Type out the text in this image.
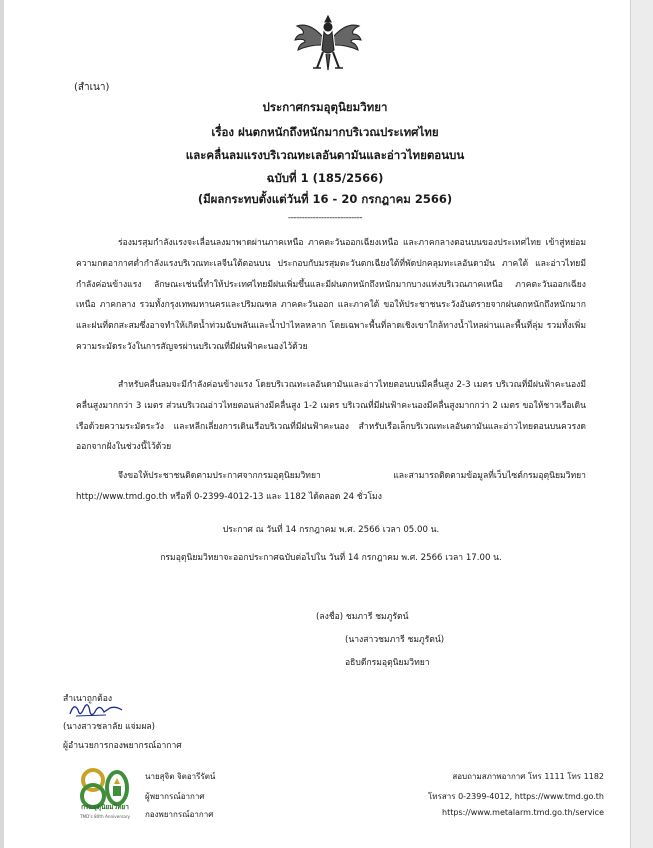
(สำเนา)
ประกาศกรมอุตุนิยมวิทยา
เรื่อง ฝนตกหนักถึงหนักมากบริเวณประเทศไทย
และคลื่นลมแรงบริเวณทะเลอันดามันและอ่าวไทยตอนบน
ฉบับที่ 1 (185/2566)
(มีผลกระทบตั้งแต่วันที่ 16 - 20 กรกฎาคม 2566)
---------------------------
ร่องมรสุมกำลังแรงจะเลื่อนลงมาพาดผ่านภาคเหนือ ภาคตะวันออกเฉียงเหนือ และภาคกลางตอนบนของประเทศไทย เข้าสู่หย่อมความกดอากาศต่ำกำลังแรงบริเวณทะเลจีนใต้ตอนบน ประกอบกับมรสุมตะวันตกเฉียงใต้ที่พัดปกคลุมทะเลอันดามัน ภาคใต้ และอ่าวไทยมีกำลังค่อนข้างแรง ลักษณะเช่นนี้ทำให้ประเทศไทยมีฝนเพิ่มขึ้นและมีฝนตกหนักถึงหนักมากบางแห่งบริเวณภาคเหนือ ภาคตะวันออกเฉียงเหนือ ภาคกลาง รวมทั้งกรุงเทพมหานครและปริมณฑล ภาคตะวันออก และภาคใต้ ขอให้ประชาชนระวังอันตรายจากฝนตกหนักถึงหนักมากและฝนที่ตกสะสมซึ่งอาจทำให้เกิดน้ำท่วมฉับพลันและน้ำป่าไหลหลาก โดยเฉพาะพื้นที่ลาดเชิงเขาใกล้ทางน้ำไหลผ่านและพื้นที่ลุ่ม รวมทั้งเพิ่มความระมัดระวังในการสัญจรผ่านบริเวณที่มีฝนฟ้าคะนองไว้ด้วย
สำหรับคลื่นลมจะมีกำลังค่อนข้างแรง โดยบริเวณทะเลอันดามันและอ่าวไทยตอนบนมีคลื่นสูง 2-3 เมตร บริเวณที่มีฝนฟ้าคะนองมีคลื่นสูงมากกว่า 3 เมตร ส่วนบริเวณอ่าวไทยตอนล่างมีคลื่นสูง 1-2 เมตร บริเวณที่มีฝนฟ้าคะนองมีคลื่นสูงมากกว่า 2 เมตร ขอให้ชาวเรือเดินเรือด้วยความระมัดระวัง และหลีกเลี่ยงการเดินเรือบริเวณที่มีฝนฟ้าคะนอง สำหรับเรือเล็กบริเวณทะเลอันดามันและอ่าวไทยตอนบนควรงดออกจากฝั่งในช่วงนี้ไว้ด้วย
จึงขอให้ประชาชนติดตามประกาศจากกรมอุตุนิยมวิทยา และสามารถติดตามข้อมูลที่เว็บไซต์กรมอุตุนิยมวิทยา http://www.tmd.go.th หรือที่ 0-2399-4012-13 และ 1182 ได้ตลอด 24 ชั่วโมง
ประกาศ ณ วันที่ 14 กรกฎาคม พ.ศ. 2566 เวลา 05.00 น.
กรมอุตุนิยมวิทยาจะออกประกาศฉบับต่อไปใน วันที่ 14 กรกฎาคม พ.ศ. 2566 เวลา 17.00 น.
(ลงชื่อ) ชมภารี ชมภูรัตน์
(นางสาวชมภารี ชมภูรัตน์)
อธิบดีกรมอุตุนิยมวิทยา
สำเนาถูกต้อง
(นางสาวชลาลัย แจ่มผล)
ผู้อำนวยการกองพยากรณ์อากาศ
กรมอุตุนิยมวิทยา
TMD's 80th Anniversary
นายสุจิต จิตอารีรัตน์
ผู้พยากรณ์อากาศ
กองพยากรณ์อากาศ
สอบถามสภาพอากาศ โทร 1111 โทร 1182
โทรสาร 0-2399-4012, https://www.tmd.go.th
https://www.metalarm.tmd.go.th/service
